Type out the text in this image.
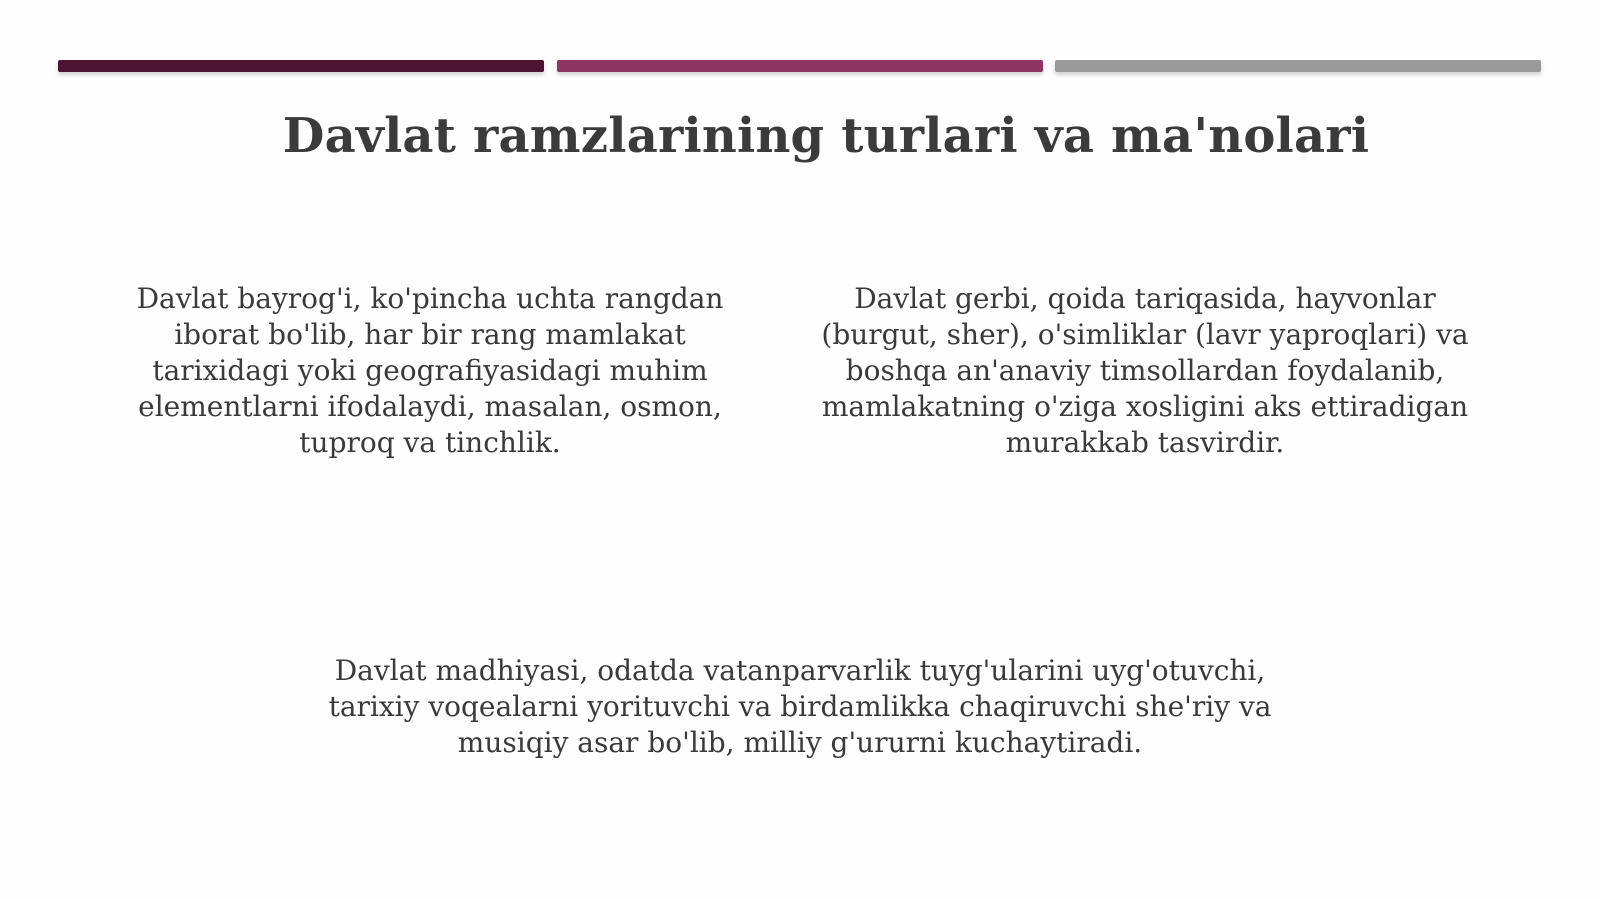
Davlat ramzlarining turlari va ma'nolari
Davlat bayrog'i, ko'pincha uchta rangdan iborat bo'lib, har bir rang mamlakat tarixidagi yoki geografiyasidagi muhim elementlarni ifodalaydi, masalan, osmon, tuproq va tinchlik.
Davlat gerbi, qoida tariqasida, hayvonlar (burgut, sher), o'simliklar (lavr yaproqlari) va boshqa an'anaviy timsollardan foydalanib, mamlakatning o'ziga xosligini aks ettiradigan murakkab tasvirdir.
Davlat madhiyasi, odatda vatanparvarlik tuyg'ularini uyg'otuvchi, tarixiy voqealarni yorituvchi va birdamlikka chaqiruvchi she'riy va musiqiy asar bo'lib, milliy g'ururni kuchaytiradi.
